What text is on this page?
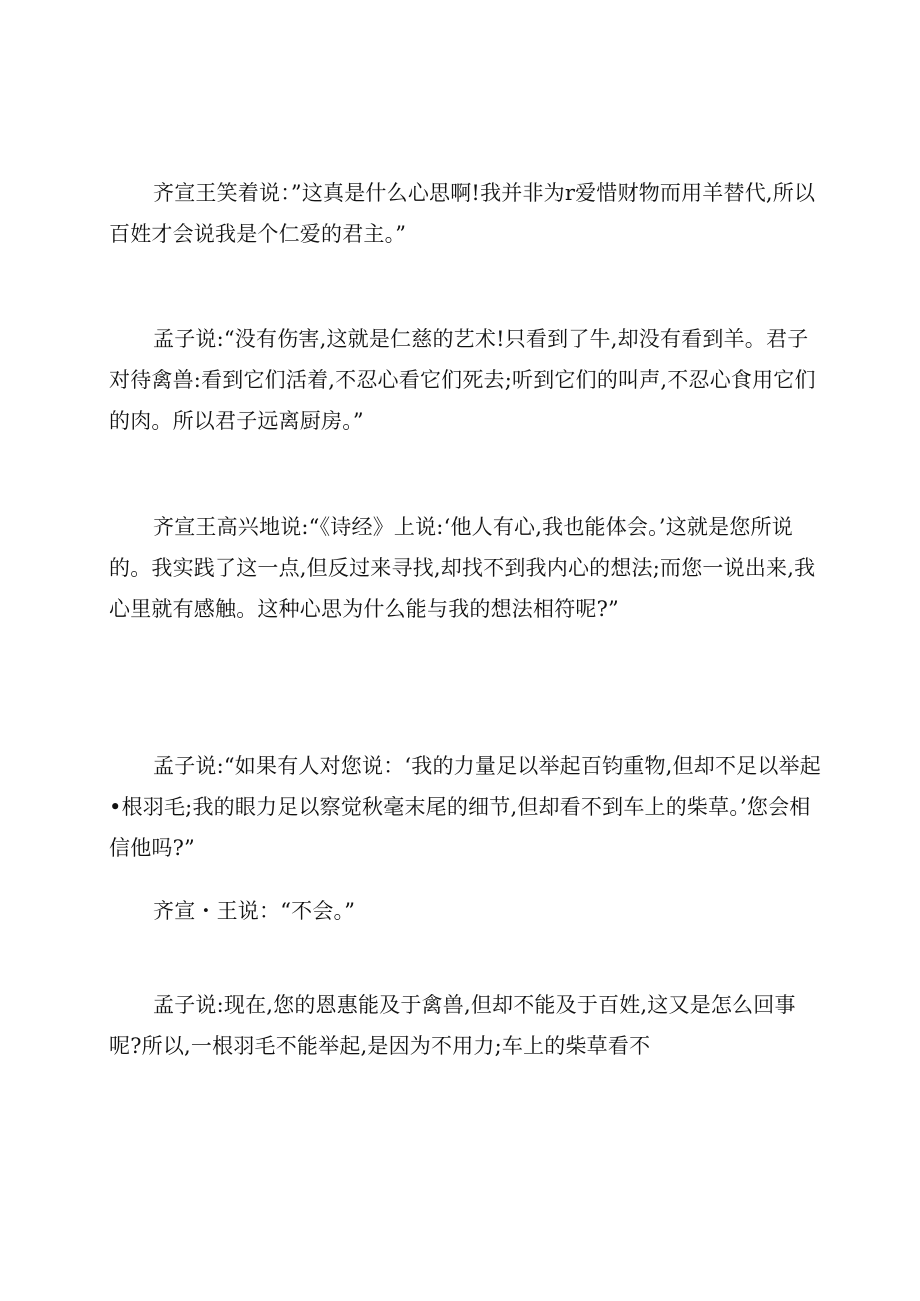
齐宣王笑着说：”这真是什么心思啊!我并非为r爱惜财物而用羊替代,所以百姓才会说我是个仁爱的君主。”

孟子说:“没有伤害,这就是仁慈的艺术!只看到了牛,却没有看到羊。君子对待禽兽:看到它们活着,不忍心看它们死去;听到它们的叫声,不忍心食用它们的肉。所以君子远离厨房。”

齐宣王高兴地说:“《诗经》上说:‘他人有心,我也能体会。’这就是您所说的。我实践了这一点,但反过来寻找,却找不到我内心的想法;而您一说出来,我心里就有感触。这种心思为什么能与我的想法相符呢?”

孟子说:“如果有人对您说：‘我的力量足以举起百钧重物,但却不足以举起•根羽毛;我的眼力足以察觉秋毫末尾的细节,但却看不到车上的柴草。’您会相信他吗?”

齐宣・王说：“不会。”

孟子说:现在,您的恩惠能及于禽兽,但却不能及于百姓,这又是怎么回事呢?所以,一根羽毛不能举起,是因为不用力;车上的柴草看不
